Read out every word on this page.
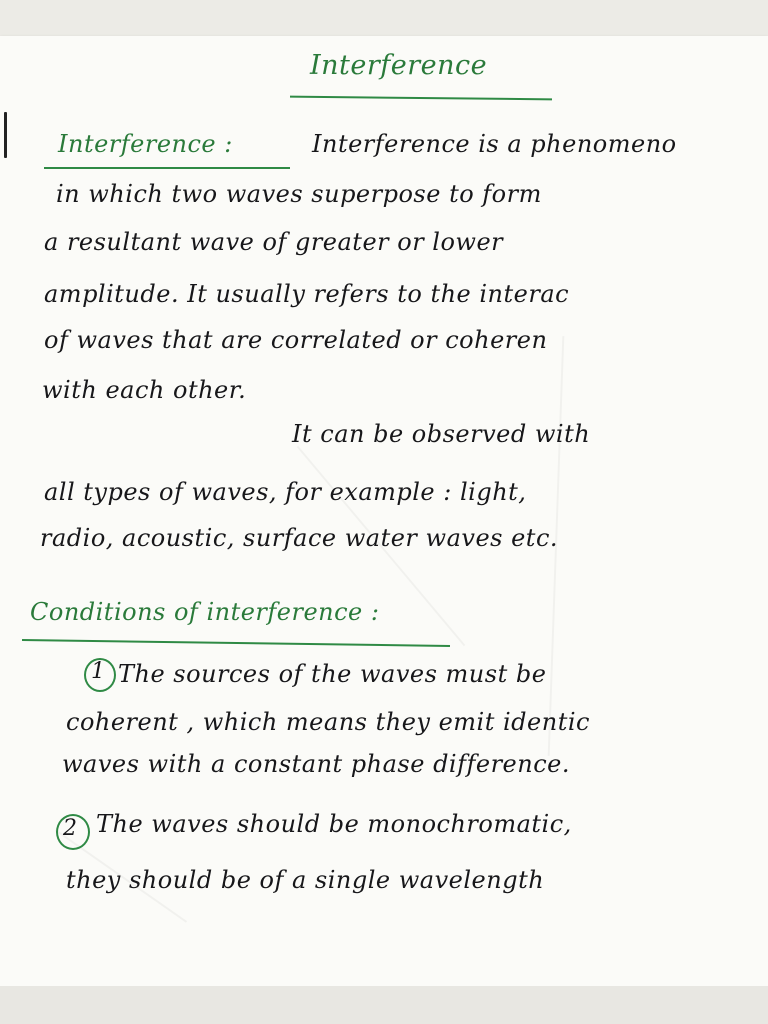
Interference
Interference :	Interference is a phenomeno
in which two waves superpose to form
a resultant wave of greater or lower
amplitude. It usually refers to the interac
of waves that are correlated or coheren
with each other.
It can be observed with
all types of waves, for example : light,
radio, acoustic, surface water waves etc.
Conditions of interference :
1 The sources of the waves must be
coherent , which means they emit identic
waves with a constant phase difference.
2 The waves should be monochromatic,
they should be of a single wavelength
